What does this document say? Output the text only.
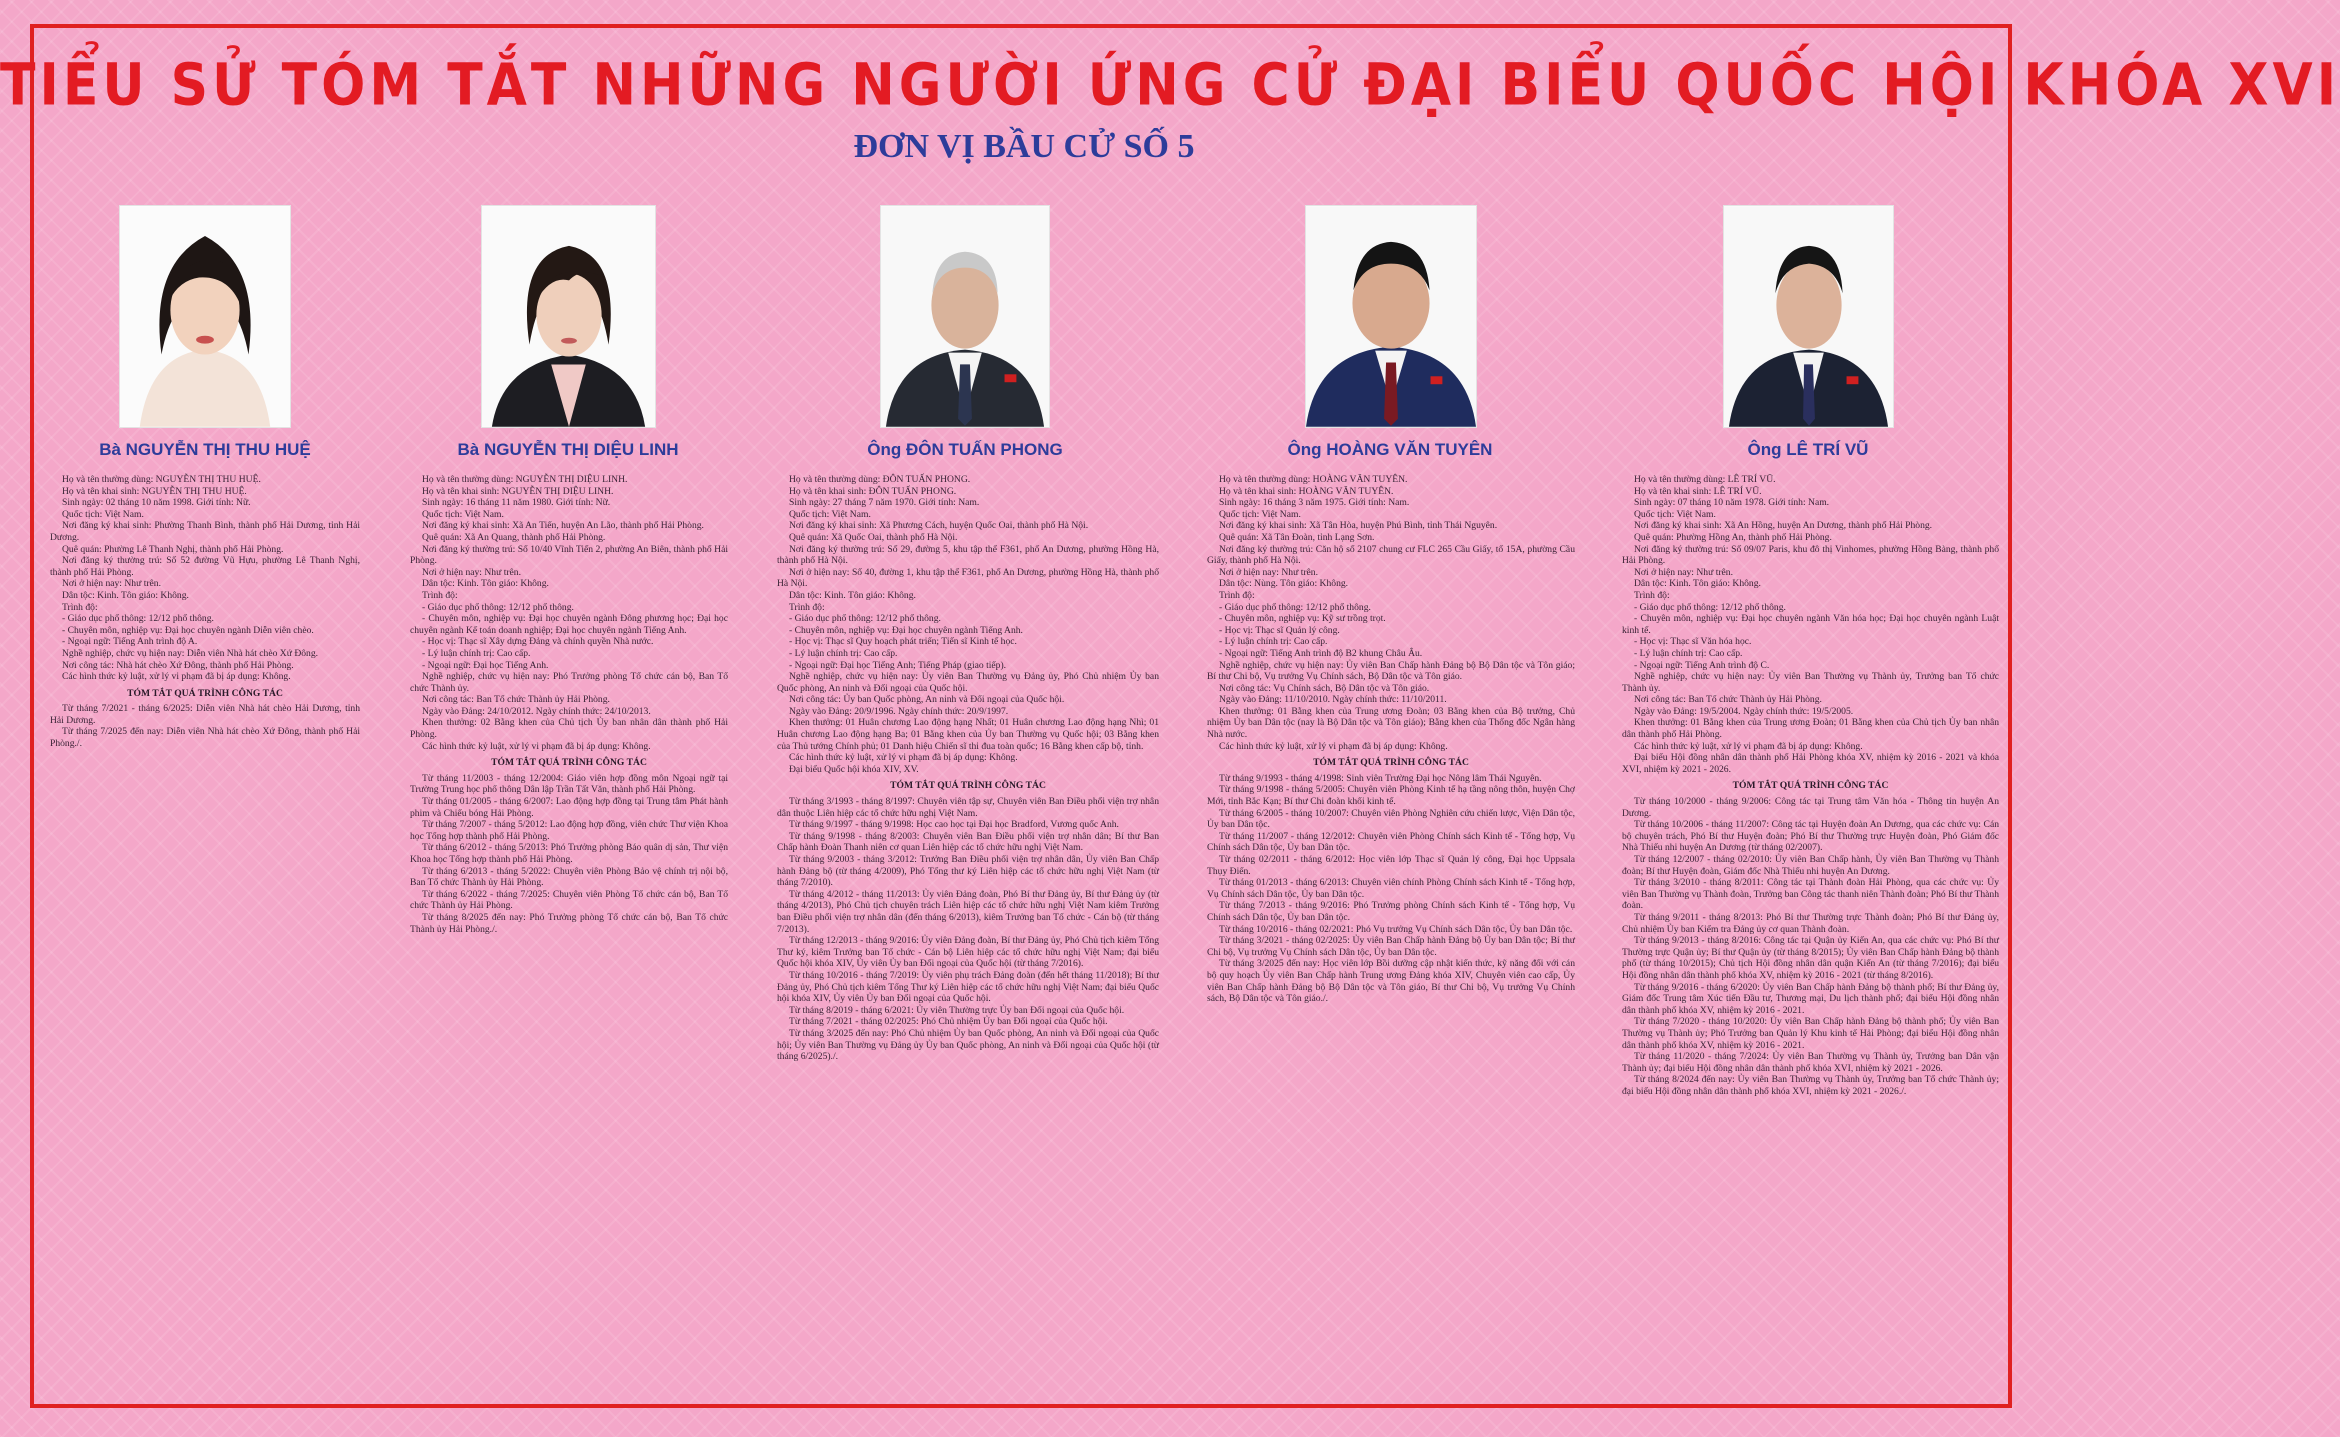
TIỂU SỬ TÓM TẮT NHỮNG NGƯỜI ỨNG CỬ ĐẠI BIỂU QUỐC HỘI KHÓA XVI
ĐƠN VỊ BẦU CỬ SỐ 5
Bà NGUYỄN THỊ THU HUỆ	Bà NGUYỄN THỊ DIỆU LINH	Ông ĐÔN TUẤN PHONG	Ông HOÀNG VĂN TUYÊN	Ông LÊ TRÍ VŨ

Họ và tên thường dùng: NGUYỄN THỊ THU HUỆ.

Họ và tên khai sinh: NGUYỄN THỊ THU HUỆ.

Sinh ngày: 02 tháng 10 năm 1998. Giới tính: Nữ.

Quốc tịch: Việt Nam.

Nơi đăng ký khai sinh: Phường Thanh Bình, thành phố Hải Dương, tỉnh Hải Dương.

Quê quán: Phường Lê Thanh Nghị, thành phố Hải Phòng.

Nơi đăng ký thường trú: Số 52 đường Vũ Hựu, phường Lê Thanh Nghị, thành phố Hải Phòng.

Nơi ở hiện nay: Như trên.

Dân tộc: Kinh. Tôn giáo: Không.

Trình độ:

- Giáo dục phổ thông: 12/12 phổ thông.

- Chuyên môn, nghiệp vụ: Đại học chuyên ngành Diễn viên chèo.

- Ngoại ngữ: Tiếng Anh trình độ A.

Nghề nghiệp, chức vụ hiện nay: Diễn viên Nhà hát chèo Xứ Đông.

Nơi công tác: Nhà hát chèo Xứ Đông, thành phố Hải Phòng.

Các hình thức kỷ luật, xử lý vi phạm đã bị áp dụng: Không.

TÓM TẮT QUÁ TRÌNH CÔNG TÁC

Từ tháng 7/2021 - tháng 6/2025: Diễn viên Nhà hát chèo Hải Dương, tỉnh Hải Dương.

Từ tháng 7/2025 đến nay: Diễn viên Nhà hát chèo Xứ Đông, thành phố Hải Phòng./.

Họ và tên thường dùng: NGUYỄN THỊ DIỆU LINH.

Họ và tên khai sinh: NGUYỄN THỊ DIỆU LINH.

Sinh ngày: 16 tháng 11 năm 1980. Giới tính: Nữ.

Quốc tịch: Việt Nam.

Nơi đăng ký khai sinh: Xã An Tiến, huyện An Lão, thành phố Hải Phòng.

Quê quán: Xã An Quang, thành phố Hải Phòng.

Nơi đăng ký thường trú: Số 10/40 Vĩnh Tiến 2, phường An Biên, thành phố Hải Phòng.

Nơi ở hiện nay: Như trên.

Dân tộc: Kinh. Tôn giáo: Không.

Trình độ:

- Giáo dục phổ thông: 12/12 phổ thông.

- Chuyên môn, nghiệp vụ: Đại học chuyên ngành Đông phương học; Đại học chuyên ngành Kế toán doanh nghiệp; Đại học chuyên ngành Tiếng Anh.

- Học vị: Thạc sĩ Xây dựng Đảng và chính quyền Nhà nước.

- Lý luận chính trị: Cao cấp.

- Ngoại ngữ: Đại học Tiếng Anh.

Nghề nghiệp, chức vụ hiện nay: Phó Trưởng phòng Tổ chức cán bộ, Ban Tổ chức Thành ủy.

Nơi công tác: Ban Tổ chức Thành ủy Hải Phòng.

Ngày vào Đảng: 24/10/2012. Ngày chính thức: 24/10/2013.

Khen thưởng: 02 Bằng khen của Chủ tịch Ủy ban nhân dân thành phố Hải Phòng.

Các hình thức kỷ luật, xử lý vi phạm đã bị áp dụng: Không.

TÓM TẮT QUÁ TRÌNH CÔNG TÁC

Từ tháng 11/2003 - tháng 12/2004: Giáo viên hợp đồng môn Ngoại ngữ tại Trường Trung học phổ thông Dân lập Trần Tất Văn, thành phố Hải Phòng.

Từ tháng 01/2005 - tháng 6/2007: Lao động hợp đồng tại Trung tâm Phát hành phim và Chiếu bóng Hải Phòng.

Từ tháng 7/2007 - tháng 5/2012: Lao động hợp đồng, viên chức Thư viện Khoa học Tổng hợp thành phố Hải Phòng.

Từ tháng 6/2012 - tháng 5/2013: Phó Trưởng phòng Báo quân dị sản, Thư viện Khoa học Tổng hợp thành phố Hải Phòng.

Từ tháng 6/2013 - tháng 5/2022: Chuyên viên Phòng Bảo vệ chính trị nội bộ, Ban Tổ chức Thành ủy Hải Phòng.

Từ tháng 6/2022 - tháng 7/2025: Chuyên viên Phòng Tổ chức cán bộ, Ban Tổ chức Thành ủy Hải Phòng.

Từ tháng 8/2025 đến nay: Phó Trưởng phòng Tổ chức cán bộ, Ban Tổ chức Thành ủy Hải Phòng./.

Họ và tên thường dùng: ĐÔN TUẤN PHONG.

Họ và tên khai sinh: ĐÔN TUẤN PHONG.

Sinh ngày: 27 tháng 7 năm 1970. Giới tính: Nam.

Quốc tịch: Việt Nam.

Nơi đăng ký khai sinh: Xã Phương Cách, huyện Quốc Oai, thành phố Hà Nội.

Quê quán: Xã Quốc Oai, thành phố Hà Nội.

Nơi đăng ký thường trú: Số 29, đường 5, khu tập thể F361, phố An Dương, phường Hồng Hà, thành phố Hà Nội.

Nơi ở hiện nay: Số 40, đường 1, khu tập thể F361, phố An Dương, phường Hồng Hà, thành phố Hà Nội.

Dân tộc: Kinh. Tôn giáo: Không.

Trình độ:

- Giáo dục phổ thông: 12/12 phổ thông.

- Chuyên môn, nghiệp vụ: Đại học chuyên ngành Tiếng Anh.

- Học vị: Thạc sĩ Quy hoạch phát triển; Tiến sĩ Kinh tế học.

- Lý luận chính trị: Cao cấp.

- Ngoại ngữ: Đại học Tiếng Anh; Tiếng Pháp (giao tiếp).

Nghề nghiệp, chức vụ hiện nay: Ủy viên Ban Thường vụ Đảng ủy, Phó Chủ nhiệm Ủy ban Quốc phòng, An ninh và Đối ngoại của Quốc hội.

Nơi công tác: Ủy ban Quốc phòng, An ninh và Đối ngoại của Quốc hội.

Ngày vào Đảng: 20/9/1996. Ngày chính thức: 20/9/1997.

Khen thưởng: 01 Huân chương Lao động hạng Nhất; 01 Huân chương Lao động hạng Nhì; 01 Huân chương Lao động hạng Ba; 01 Bằng khen của Ủy ban Thường vụ Quốc hội; 03 Bằng khen của Thủ tướng Chính phủ; 01 Danh hiệu Chiến sĩ thi đua toàn quốc; 16 Bằng khen cấp bộ, tỉnh.

Các hình thức kỷ luật, xử lý vi phạm đã bị áp dụng: Không.

Đại biểu Quốc hội khóa XIV, XV.

TÓM TẮT QUÁ TRÌNH CÔNG TÁC

Từ tháng 3/1993 - tháng 8/1997: Chuyên viên tập sự, Chuyên viên Ban Điều phối viện trợ nhân dân thuộc Liên hiệp các tổ chức hữu nghị Việt Nam.

Từ tháng 9/1997 - tháng 9/1998: Học cao học tại Đại học Bradford, Vương quốc Anh.

Từ tháng 9/1998 - tháng 8/2003: Chuyên viên Ban Điều phối viện trợ nhân dân; Bí thư Ban Chấp hành Đoàn Thanh niên cơ quan Liên hiệp các tổ chức hữu nghị Việt Nam.

Từ tháng 9/2003 - tháng 3/2012: Trưởng Ban Điều phối viện trợ nhân dân, Ủy viên Ban Chấp hành Đảng bộ (từ tháng 4/2009), Phó Tổng thư ký Liên hiệp các tổ chức hữu nghị Việt Nam (từ tháng 7/2010).

Từ tháng 4/2012 - tháng 11/2013: Ủy viên Đảng đoàn, Phó Bí thư Đảng ủy, Bí thư Đảng ủy (từ tháng 4/2013), Phó Chủ tịch chuyên trách Liên hiệp các tổ chức hữu nghị Việt Nam kiêm Trưởng ban Điều phối viện trợ nhân dân (đến tháng 6/2013), kiêm Trưởng ban Tổ chức - Cán bộ (từ tháng 7/2013).

Từ tháng 12/2013 - tháng 9/2016: Ủy viên Đảng đoàn, Bí thư Đảng ủy, Phó Chủ tịch kiêm Tổng Thư ký, kiêm Trưởng ban Tổ chức - Cán bộ Liên hiệp các tổ chức hữu nghị Việt Nam; đại biểu Quốc hội khóa XIV, Ủy viên Ủy ban Đối ngoại của Quốc hội (từ tháng 7/2016).

Từ tháng 10/2016 - tháng 7/2019: Ủy viên phụ trách Đảng đoàn (đến hết tháng 11/2018); Bí thư Đảng ủy, Phó Chủ tịch kiêm Tổng Thư ký Liên hiệp các tổ chức hữu nghị Việt Nam; đại biểu Quốc hội khóa XIV, Ủy viên Ủy ban Đối ngoại của Quốc hội.

Từ tháng 8/2019 - tháng 6/2021: Ủy viên Thường trực Ủy ban Đối ngoại của Quốc hội.

Từ tháng 7/2021 - tháng 02/2025: Phó Chủ nhiệm Ủy ban Đối ngoại của Quốc hội.

Từ tháng 3/2025 đến nay: Phó Chủ nhiệm Ủy ban Quốc phòng, An ninh và Đối ngoại của Quốc hội; Ủy viên Ban Thường vụ Đảng ủy Ủy ban Quốc phòng, An ninh và Đối ngoại của Quốc hội (từ tháng 6/2025)./.

Họ và tên thường dùng: HOÀNG VĂN TUYÊN.

Họ và tên khai sinh: HOÀNG VĂN TUYÊN.

Sinh ngày: 16 tháng 3 năm 1975. Giới tính: Nam.

Quốc tịch: Việt Nam.

Nơi đăng ký khai sinh: Xã Tân Hòa, huyện Phú Bình, tỉnh Thái Nguyên.

Quê quán: Xã Tân Đoàn, tỉnh Lạng Sơn.

Nơi đăng ký thường trú: Căn hộ số 2107 chung cư FLC 265 Cầu Giấy, tổ 15A, phường Cầu Giấy, thành phố Hà Nội.

Nơi ở hiện nay: Như trên.

Dân tộc: Nùng. Tôn giáo: Không.

Trình độ:

- Giáo dục phổ thông: 12/12 phổ thông.

- Chuyên môn, nghiệp vụ: Kỹ sư trồng trọt.

- Học vị: Thạc sĩ Quản lý công.

- Lý luận chính trị: Cao cấp.

- Ngoại ngữ: Tiếng Anh trình độ B2 khung Châu Âu.

Nghề nghiệp, chức vụ hiện nay: Ủy viên Ban Chấp hành Đảng bộ Bộ Dân tộc và Tôn giáo; Bí thư Chi bộ, Vụ trưởng Vụ Chính sách, Bộ Dân tộc và Tôn giáo.

Nơi công tác: Vụ Chính sách, Bộ Dân tộc và Tôn giáo.

Ngày vào Đảng: 11/10/2010. Ngày chính thức: 11/10/2011.

Khen thưởng: 01 Bằng khen của Trung ương Đoàn; 03 Bằng khen của Bộ trưởng, Chủ nhiệm Ủy ban Dân tộc (nay là Bộ Dân tộc và Tôn giáo); Bằng khen của Thống đốc Ngân hàng Nhà nước.

Các hình thức kỷ luật, xử lý vi phạm đã bị áp dụng: Không.

TÓM TẮT QUÁ TRÌNH CÔNG TÁC

Từ tháng 9/1993 - tháng 4/1998: Sinh viên Trường Đại học Nông lâm Thái Nguyên.

Từ tháng 9/1998 - tháng 5/2005: Chuyên viên Phòng Kinh tế hạ tầng nông thôn, huyện Chợ Mới, tỉnh Bắc Kạn; Bí thư Chi đoàn khối kinh tế.

Từ tháng 6/2005 - tháng 10/2007: Chuyên viên Phòng Nghiên cứu chiến lược, Viện Dân tộc, Ủy ban Dân tộc.

Từ tháng 11/2007 - tháng 12/2012: Chuyên viên Phòng Chính sách Kinh tế - Tổng hợp, Vụ Chính sách Dân tộc, Ủy ban Dân tộc.

Từ tháng 02/2011 - tháng 6/2012: Học viên lớp Thạc sĩ Quản lý công, Đại học Uppsala Thụy Điển.

Từ tháng 01/2013 - tháng 6/2013: Chuyên viên chính Phòng Chính sách Kinh tế - Tổng hợp, Vụ Chính sách Dân tộc, Ủy ban Dân tộc.

Từ tháng 7/2013 - tháng 9/2016: Phó Trưởng phòng Chính sách Kinh tế - Tổng hợp, Vụ Chính sách Dân tộc, Ủy ban Dân tộc.

Từ tháng 10/2016 - tháng 02/2021: Phó Vụ trưởng Vụ Chính sách Dân tộc, Ủy ban Dân tộc.

Từ tháng 3/2021 - tháng 02/2025: Ủy viên Ban Chấp hành Đảng bộ Ủy ban Dân tộc; Bí thư Chi bộ, Vụ trưởng Vụ Chính sách Dân tộc, Ủy ban Dân tộc.

Từ tháng 3/2025 đến nay: Học viên lớp Bồi dưỡng cập nhật kiến thức, kỹ năng đối với cán bộ quy hoạch Ủy viên Ban Chấp hành Trung ương Đảng khóa XIV, Chuyên viên cao cấp, Ủy viên Ban Chấp hành Đảng bộ Bộ Dân tộc và Tôn giáo, Bí thư Chi bộ, Vụ trưởng Vụ Chính sách, Bộ Dân tộc và Tôn giáo./.

Họ và tên thường dùng: LÊ TRÍ VŨ.

Họ và tên khai sinh: LÊ TRÍ VŨ.

Sinh ngày: 07 tháng 10 năm 1978. Giới tính: Nam.

Quốc tịch: Việt Nam.

Nơi đăng ký khai sinh: Xã An Hồng, huyện An Dương, thành phố Hải Phòng.

Quê quán: Phường Hồng An, thành phố Hải Phòng.

Nơi đăng ký thường trú: Số 09/07 Paris, khu đô thị Vinhomes, phường Hồng Bàng, thành phố Hải Phòng.

Nơi ở hiện nay: Như trên.

Dân tộc: Kinh. Tôn giáo: Không.

Trình độ:

- Giáo dục phổ thông: 12/12 phổ thông.

- Chuyên môn, nghiệp vụ: Đại học chuyên ngành Văn hóa học; Đại học chuyên ngành Luật kinh tế.

- Học vị: Thạc sĩ Văn hóa học.

- Lý luận chính trị: Cao cấp.

- Ngoại ngữ: Tiếng Anh trình độ C.

Nghề nghiệp, chức vụ hiện nay: Ủy viên Ban Thường vụ Thành ủy, Trưởng ban Tổ chức Thành ủy.

Nơi công tác: Ban Tổ chức Thành ủy Hải Phòng.

Ngày vào Đảng: 19/5/2004. Ngày chính thức: 19/5/2005.

Khen thưởng: 01 Bằng khen của Trung ương Đoàn; 01 Bằng khen của Chủ tịch Ủy ban nhân dân thành phố Hải Phòng.

Các hình thức kỷ luật, xử lý vi phạm đã bị áp dụng: Không.

Đại biểu Hội đồng nhân dân thành phố Hải Phòng khóa XV, nhiệm kỳ 2016 - 2021 và khóa XVI, nhiệm kỳ 2021 - 2026.

TÓM TẮT QUÁ TRÌNH CÔNG TÁC

Từ tháng 10/2000 - tháng 9/2006: Công tác tại Trung tâm Văn hóa - Thông tin huyện An Dương.

Từ tháng 10/2006 - tháng 11/2007: Công tác tại Huyện đoàn An Dương, qua các chức vụ: Cán bộ chuyên trách, Phó Bí thư Huyện đoàn; Phó Bí thư Thường trực Huyện đoàn, Phó Giám đốc Nhà Thiếu nhi huyện An Dương (từ tháng 02/2007).

Từ tháng 12/2007 - tháng 02/2010: Ủy viên Ban Chấp hành, Ủy viên Ban Thường vụ Thành đoàn; Bí thư Huyện đoàn, Giám đốc Nhà Thiếu nhi huyện An Dương.

Từ tháng 3/2010 - tháng 8/2011: Công tác tại Thành đoàn Hải Phòng, qua các chức vụ: Ủy viên Ban Thường vụ Thành đoàn, Trưởng ban Công tác thanh niên Thành đoàn; Phó Bí thư Thành đoàn.

Từ tháng 9/2011 - tháng 8/2013: Phó Bí thư Thường trực Thành đoàn; Phó Bí thư Đảng ủy, Chủ nhiệm Ủy ban Kiểm tra Đảng ủy cơ quan Thành đoàn.

Từ tháng 9/2013 - tháng 8/2016: Công tác tại Quận ủy Kiến An, qua các chức vụ: Phó Bí thư Thường trực Quận ủy; Bí thư Quận ủy (từ tháng 8/2015); Ủy viên Ban Chấp hành Đảng bộ thành phố (từ tháng 10/2015); Chủ tịch Hội đồng nhân dân quận Kiến An (từ tháng 7/2016); đại biểu Hội đồng nhân dân thành phố khóa XV, nhiệm kỳ 2016 - 2021 (từ tháng 8/2016).

Từ tháng 9/2016 - tháng 6/2020: Ủy viên Ban Chấp hành Đảng bộ thành phố; Bí thư Đảng ủy, Giám đốc Trung tâm Xúc tiến Đầu tư, Thương mại, Du lịch thành phố; đại biểu Hội đồng nhân dân thành phố khóa XV, nhiệm kỳ 2016 - 2021.

Từ tháng 7/2020 - tháng 10/2020: Ủy viên Ban Chấp hành Đảng bộ thành phố; Ủy viên Ban Thường vụ Thành ủy; Phó Trưởng ban Quản lý Khu kinh tế Hải Phòng; đại biểu Hội đồng nhân dân thành phố khóa XV, nhiệm kỳ 2016 - 2021.

Từ tháng 11/2020 - tháng 7/2024: Ủy viên Ban Thường vụ Thành ủy, Trưởng ban Dân vận Thành ủy; đại biểu Hội đồng nhân dân thành phố khóa XVI, nhiệm kỳ 2021 - 2026.

Từ tháng 8/2024 đến nay: Ủy viên Ban Thường vụ Thành ủy, Trưởng ban Tổ chức Thành ủy; đại biểu Hội đồng nhân dân thành phố khóa XVI, nhiệm kỳ 2021 - 2026./.
